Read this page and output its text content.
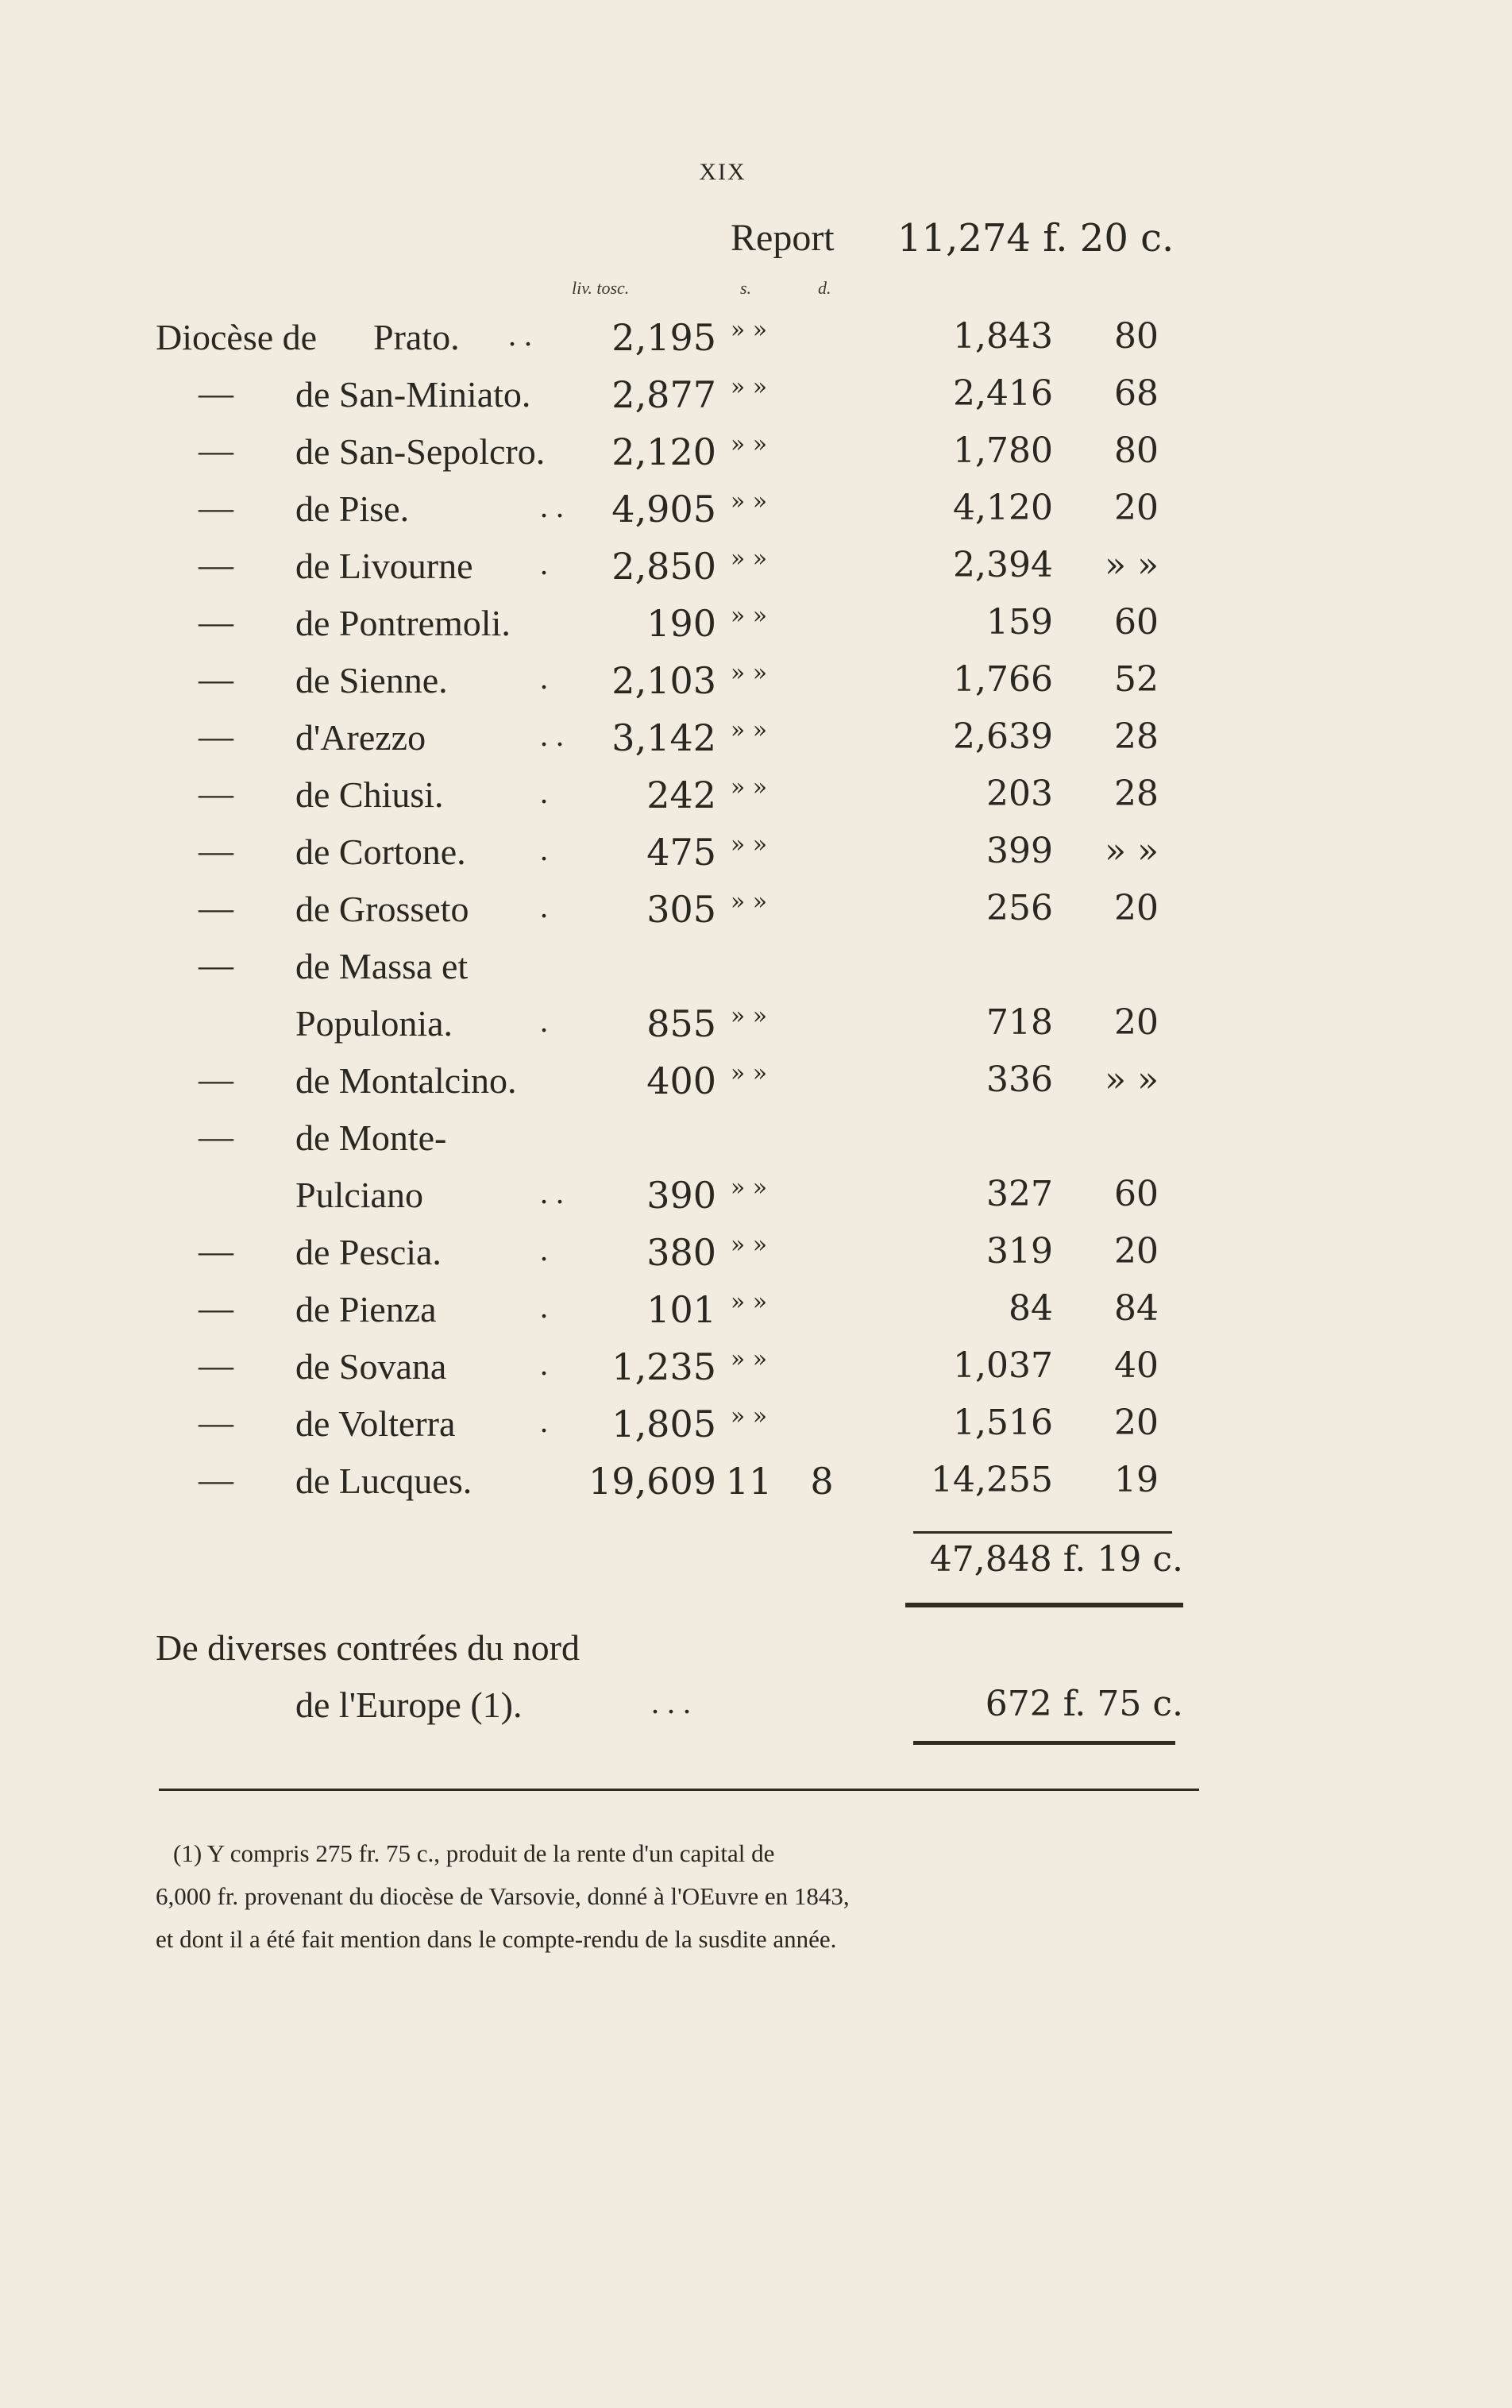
XIX
Report 11,274 f. 20 c.
liv. tosc.	s.	d.
Diocèse de Prato. . .	2,195 » »	1,843	80
—	de San-Miniato.	2,877 » »	2,416	68
—	de San-Sepolcro.	2,120 » »	1,780	80
—	de Pise.	. .	4,905 » »	4,120	20
—	de Livourne .	2,850 » »	2,394	» »
—	de Pontremoli.	190 » »	159	60
—	de Sienne.	.	2,103 » »	1,766	52
—	d'Arezzo	. .	3,142 » »	2,639	28
—	de Chiusi.	.	242 » »	203	28
—	de Cortone. .	475 » »	399	» »
—	de Grosseto .	305 » »	256	20
—	de Massa et
Populonia.	.	855 » »	718	20
—	de Montalcino.	400 » »	336	» »
—	de Monte-
Pulciano	. .	390 » »	327	60
—	de Pescia.	.	380 » »	319	20
—	de Pienza	.	101 » »	84	84
—	de Sovana	.	1,235 » »	1,037	40
—	de Volterra	.	1,805 » »	1,516	20
—	de Lucques.	19,609 11	8	14,255	19
47,848 f. 19 c.
De diverses contrées du nord
de l'Europe (1).	. . .	672 f. 75 c.
(1) Y compris 275 fr. 75 c., produit de la rente d'un capital de
6,000 fr. provenant du diocèse de Varsovie, donné à l'OEuvre en 1843,
et dont il a été fait mention dans le compte-rendu de la susdite année.
